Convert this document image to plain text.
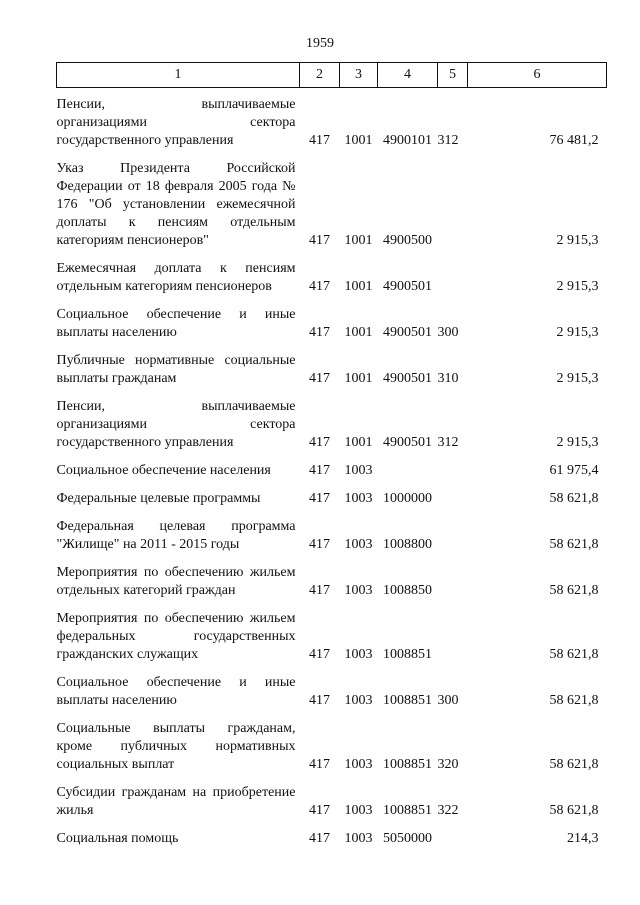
1959
1	2	3	4	5	6
Пенсии, выплачиваемые организациями сектора государственного управления	417	1001	4900101	312	76 481,2

Указ Президента Российской Федерации от 18 февраля 2005 года № 176 "Об установлении ежемесячной доплаты к пенсиям отдельным категориям пенсионеров"	417	1001	4900500		2 915,3

Ежемесячная доплата к пенсиям отдельным категориям пенсионеров	417	1001	4900501		2 915,3

Социальное обеспечение и иные выплаты населению	417	1001	4900501	300	2 915,3

Публичные нормативные социальные выплаты гражданам	417	1001	4900501	310	2 915,3

Пенсии, выплачиваемые организациями сектора государственного управления	417	1001	4900501	312	2 915,3

Социальное обеспечение населения	417	1003			61 975,4

Федеральные целевые программы	417	1003	1000000		58 621,8

Федеральная целевая программа "Жилище" на 2011 - 2015 годы	417	1003	1008800		58 621,8

Мероприятия по обеспечению жильем отдельных категорий граждан	417	1003	1008850		58 621,8

Мероприятия по обеспечению жильем федеральных государственных гражданских служащих	417	1003	1008851		58 621,8

Социальное обеспечение и иные выплаты населению	417	1003	1008851	300	58 621,8

Социальные выплаты гражданам, кроме публичных нормативных социальных выплат	417	1003	1008851	320	58 621,8

Субсидии гражданам на приобретение жилья	417	1003	1008851	322	58 621,8

Социальная помощь	417	1003	5050000		214,3
